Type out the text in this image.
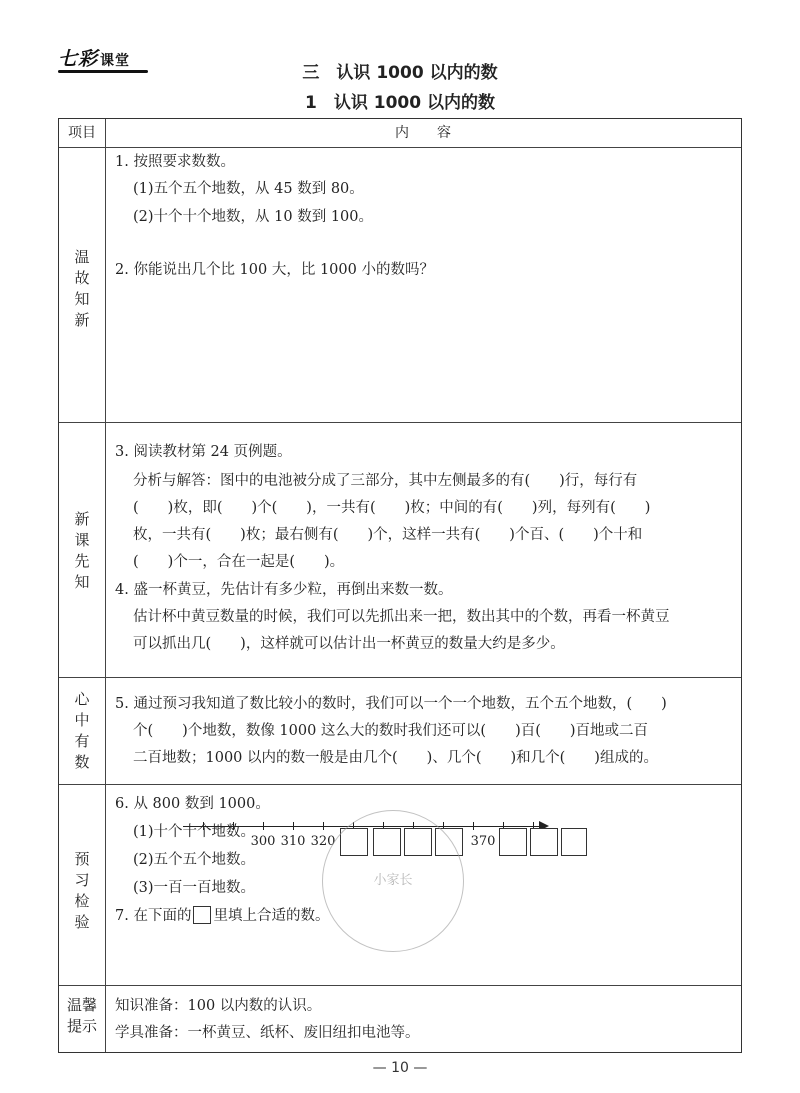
七彩 课堂
三　认识 1000 以内的数
1　认识 1000 以内的数
项目	内　　容
温
故
知
新
1. 按照要求数数。
(1)五个五个地数，从 45 数到 80。
(2)十个十个地数，从 10 数到 100。
2. 你能说出几个比 100 大，比 1000 小的数吗？
新
课
先
知
3. 阅读教材第 24 页例题。
分析与解答：图中的电池被分成了三部分，其中左侧最多的有(　　)行，每行有
(　　)枚，即(　　)个(　　)，一共有(　　)枚；中间的有(　　)列，每列有(　　)
枚，一共有(　　)枚；最右侧有(　　)个，这样一共有(　　)个百、(　　)个十和
(　　)个一，合在一起是(　　)。
4. 盛一杯黄豆，先估计有多少粒，再倒出来数一数。
估计杯中黄豆数量的时候，我们可以先抓出来一把，数出其中的个数，再看一杯黄豆
可以抓出几(　　)，这样就可以估计出一杯黄豆的数量大约是多少。
心
中
有
数
5. 通过预习我知道了数比较小的数时，我们可以一个一个地数，五个五个地数，(　　)
个(　　)个地数，数像 1000 这么大的数时我们还可以(　　)百(　　)百地或二百
二百地数；1000 以内的数一般是由几个(　　)、几个(　　)和几个(　　)组成的。
预
习
检
验
6. 从 800 数到 1000。
(1)十个十个地数。
(2)五个五个地数。
(3)一百一百地数。
7. 在下面的 里填上合适的数。
温馨
提示
知识准备：100 以内数的认识。
学具准备：一杯黄豆、纸杯、废旧纽扣电池等。
300 310 320	370
小家长
— 10 —
